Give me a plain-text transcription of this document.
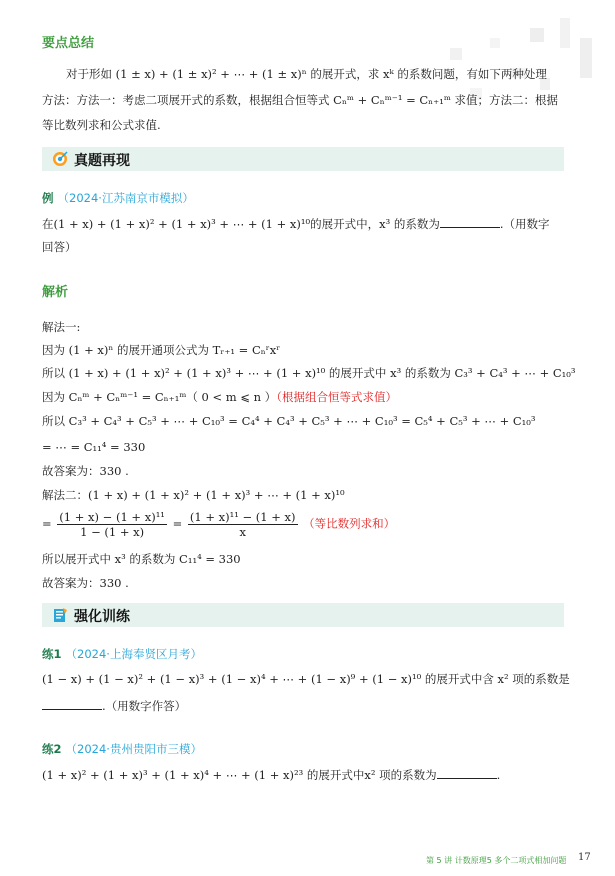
要点总结
对于形如 (1 ± x) + (1 ± x)² + ⋯ + (1 ± x)ⁿ 的展开式，求 xᵏ 的系数问题，有如下两种处理
方法：方法一：考虑二项展开式的系数，根据组合恒等式 Cₙᵐ + Cₙᵐ⁻¹ = Cₙ₊₁ᵐ 求值；方法二：根据
等比数列求和公式求值.
真题再现
例 （2024·江苏南京市模拟）
在(1 + x) + (1 + x)² + (1 + x)³ + ⋯ + (1 + x)¹⁰的展开式中，x³ 的系数为	.（用数字
回答）
解析
解法一:
因为 (1 + x)ⁿ 的展开通项公式为 Tᵣ₊₁ = Cₙʳxʳ
所以 (1 + x) + (1 + x)² + (1 + x)³ + ⋯ + (1 + x)¹⁰ 的展开式中 x³ 的系数为 C₃³ + C₄³ + ⋯ + C₁₀³
因为 Cₙᵐ + Cₙᵐ⁻¹ = Cₙ₊₁ᵐ（ 0 < m ⩽ n ）（根据组合恒等式求值）
所以 C₃³ + C₄³ + C₅³ + ⋯ + C₁₀³ = C₄⁴ + C₄³ + C₅³ + ⋯ + C₁₀³ = C₅⁴ + C₅³ + ⋯ + C₁₀³
= ⋯ = C₁₁⁴ = 330
故答案为：330 .
解法二：(1 + x) + (1 + x)² + (1 + x)³ + ⋯ + (1 + x)¹⁰
= $\frac{\text{(1 + x) − (1 + x)¹¹}}{1 - (1 + x)} = \frac{\text{(1 + x)¹¹ − (1 + x)}}{x}$ （等比数列求和）
所以展开式中 x³ 的系数为 C₁₁⁴ = 330
故答案为：330 .
强化训练
练1 （2024·上海奉贤区月考）
(1 − x) + (1 − x)² + (1 − x)³ + (1 − x)⁴ + ⋯ + (1 − x)⁹ + (1 − x)¹⁰ 的展开式中含 x² 项的系数是
.（用数字作答）
练2 （2024·贵州贵阳市三模）
(1 + x)² + (1 + x)³ + (1 + x)⁴ + ⋯ + (1 + x)²³ 的展开式中x² 项的系数为	.
第 5 讲 计数原理5 多个二项式相加问题 17
